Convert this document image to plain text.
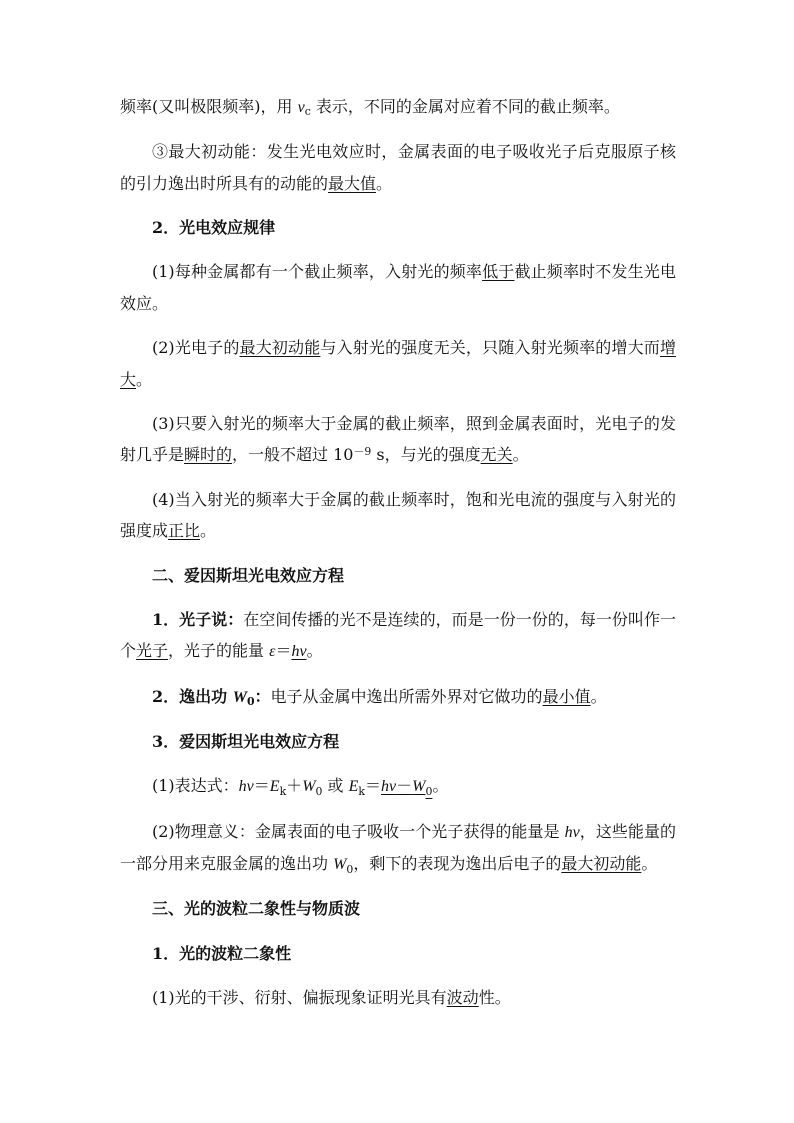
频率(又叫极限频率)，用 $\nu_c$ 表示，不同的金属对应着不同的截止频率。

③最大初动能：发生光电效应时，金属表面的电子吸收光子后克服原子核的引力逸出时所具有的动能的最大值。

2．光电效应规律

(1)每种金属都有一个截止频率，入射光的频率低于截止频率时不发生光电效应。

(2)光电子的最大初动能与入射光的强度无关，只随入射光频率的增大而增大。

(3)只要入射光的频率大于金属的截止频率，照到金属表面时，光电子的发射几乎是瞬时的，一般不超过 $10^{-9}$ s，与光的强度无关。

(4)当入射光的频率大于金属的截止频率时，饱和光电流的强度与入射光的强度成正比。

二、爱因斯坦光电效应方程

1．光子说：在空间传播的光不是连续的，而是一份一份的，每一份叫作一个光子，光子的能量 ε＝hν。

2．逸出功 $W_0$：电子从金属中逸出所需外界对它做功的最小值。

3．爱因斯坦光电效应方程

(1)表达式：$h\nu=E_k+W_0$ 或 $E_k=h\nu-W_0$。

(2)物理意义：金属表面的电子吸收一个光子获得的能量是 hν，这些能量的一部分用来克服金属的逸出功 $W_0$，剩下的表现为逸出后电子的最大初动能。

三、光的波粒二象性与物质波

1．光的波粒二象性

(1)光的干涉、衍射、偏振现象证明光具有波动性。
